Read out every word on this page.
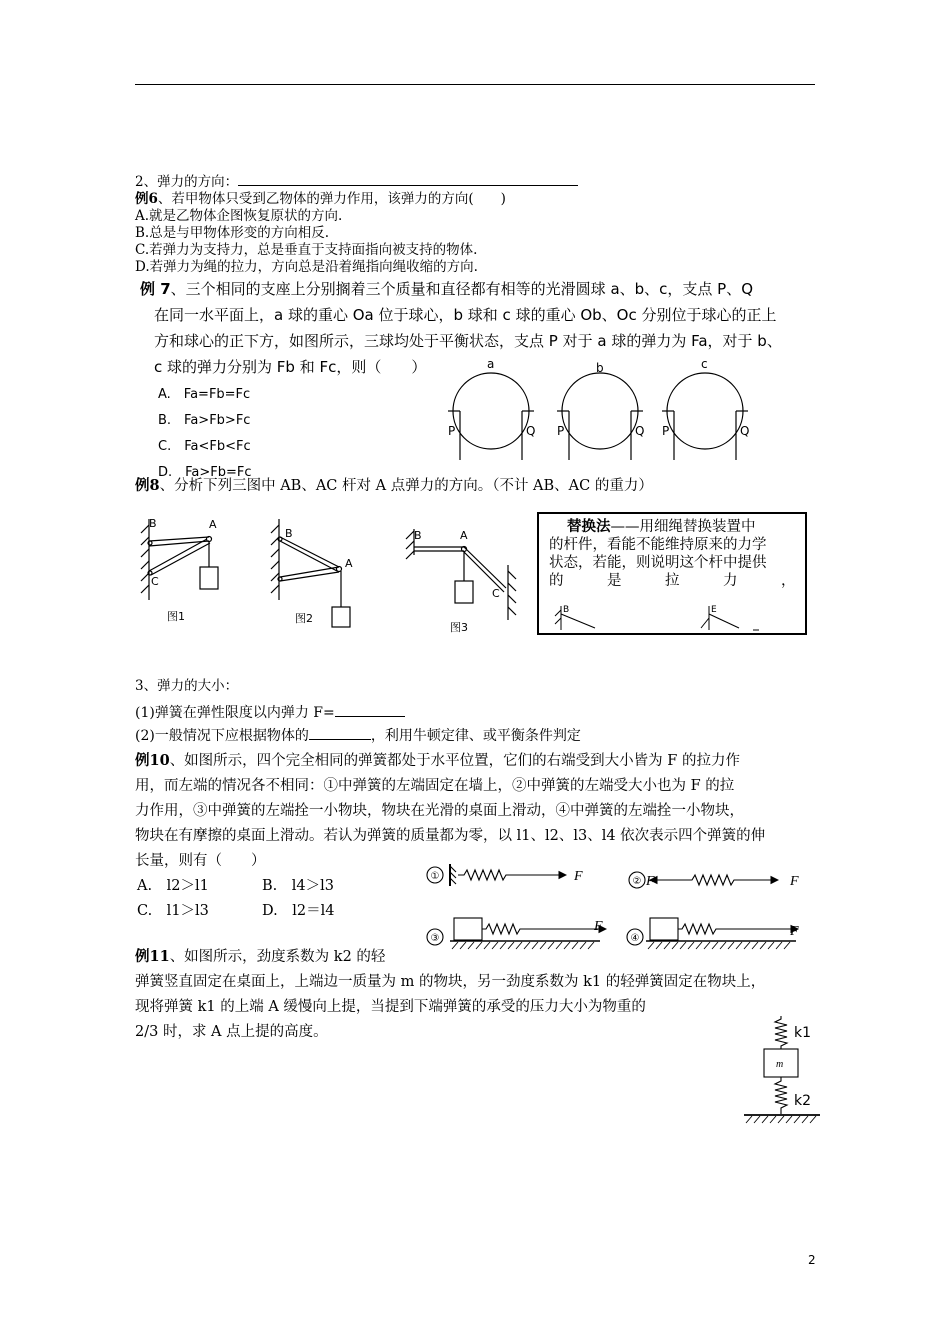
2、弹力的方向：
例6、若甲物体只受到乙物体的弹力作用，该弹力的方向(　　)
A.就是乙物体企图恢复原状的方向.
B.总是与甲物体形变的方向相反.
C.若弹力为支持力，总是垂直于支持面指向被支持的物体.
D.若弹力为绳的拉力，方向总是沿着绳指向绳收缩的方向.
例 7、三个相同的支座上分别搁着三个质量和直径都有相等的光滑圆球 a、b、c，支点 P、Q
在同一水平面上，a 球的重心 Oa 位于球心，b 球和 c 球的重心 Ob、Oc 分别位于球心的正上
方和球心的正下方，如图所示，三球均处于平衡状态，支点 P 对于 a 球的弹力为 Fa，对于 b、
c 球的弹力分别为 Fb 和 Fc，则（　　）
A.　Fa=Fb=Fc
B.　Fa>Fb>Fc
C.　Fa<Fb<Fc
D.　Fa>Fb=Fc
a	b	c
P	Q P	Q P	Q
例8、分析下列三图中 AB、AC 杆对 A 点弹力的方向。（不计 AB、AC 的重力）
B	A
C
图1
B
A
图2
B	A
C
图3
替换法——用细绳替换装置中
的杆件，看能不能维持原来的力学
状态，若能，则说明这个杆中提供
的　　　是　　　拉　　　力　　　，
B	E
3、弹力的大小：
(1)弹簧在弹性限度以内弹力 F=
(2)一般情况下应根据物体的	，利用牛顿定律、或平衡条件判定
例10、如图所示，四个完全相同的弹簧都处于水平位置，它们的右端受到大小皆为 F 的拉力作
用，而左端的情况各不相同：①中弹簧的左端固定在墙上，②中弹簧的左端受大小也为 F 的拉
力作用，③中弹簧的左端拴一小物块，物块在光滑的桌面上滑动，④中弹簧的左端拴一小物块，
物块在有摩擦的桌面上滑动。若认为弹簧的质量都为零，以 l1、l2、l3、l4 依次表示四个弹簧的伸
长量，则有（　　）
A.　l2＞l1	B.　l4＞l3
C.　l1＞l3	D.　l2＝l4
①	②
③	④
F	F	F
F	F
例11、如图所示，劲度系数为 k2 的轻
弹簧竖直固定在桌面上，上端边一质量为 m 的物块，另一劲度系数为 k1 的轻弹簧固定在物块上，
现将弹簧 k1 的上端 A 缓慢向上提，当提到下端弹簧的承受的压力大小为物重的
2/3 时，求 A 点上提的高度。	k1
k2
m
2
